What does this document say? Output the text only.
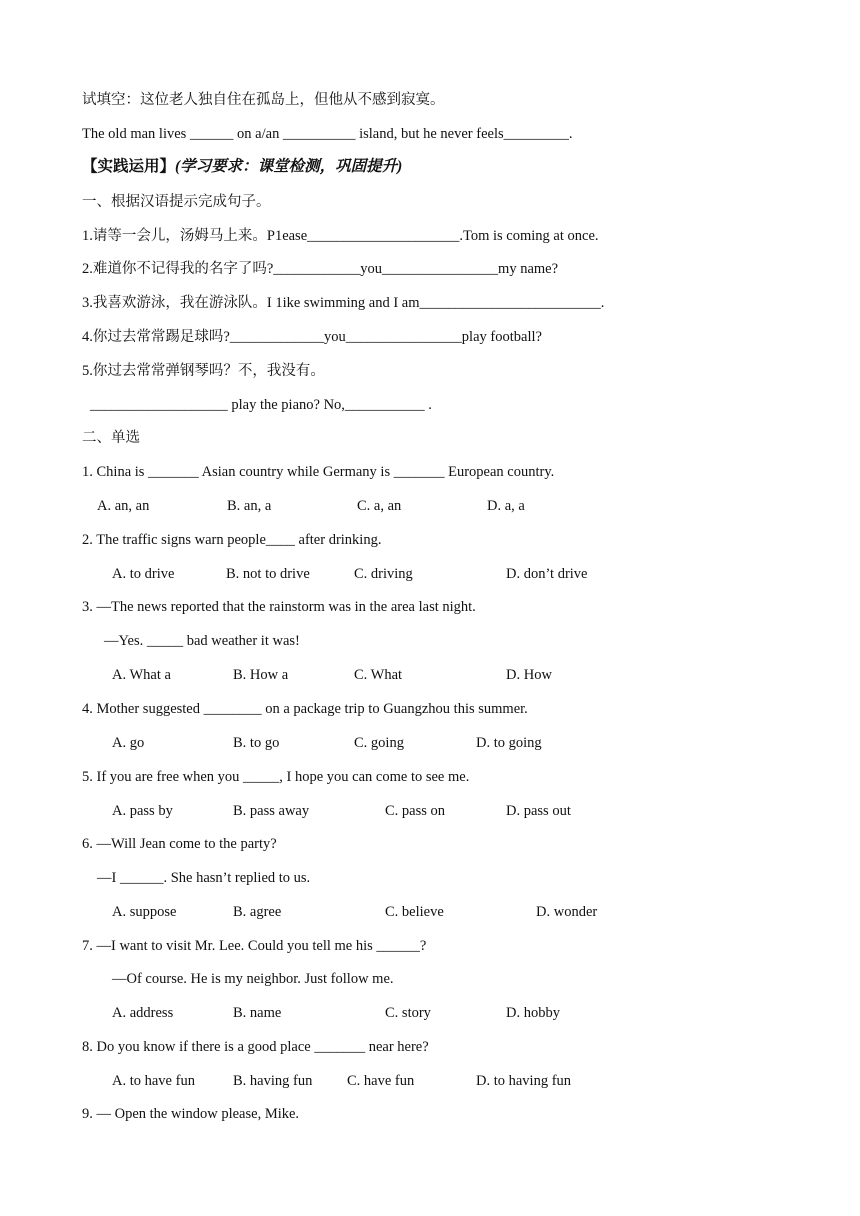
试填空：这位老人独自住在孤岛上，但他从不感到寂寞。
The old man lives ______ on a/an __________ island, but he never feels_________.
【实践运用】(学习要求：课堂检测，巩固提升)
一、根据汉语提示完成句子。
1.请等一会儿，汤姆马上来。P1ease_____________________.Tom is coming at once.
2.难道你不记得我的名字了吗?____________you________________my name?
3.我喜欢游泳，我在游泳队。I 1ike swimming and I am_________________________.
4.你过去常常踢足球吗?_____________you________________play football?
5.你过去常常弹钢琴吗？不，我没有。
___________________ play the piano? No,___________ .
二、单选
1. China is _______ Asian country while Germany is _______ European country.
A. an, an	B. an, a	C. a, an	D. a, a
2. The traffic signs warn people____ after drinking.
A. to drive	B. not to drive	C. driving	D. don’t drive
3. —The news reported that the rainstorm was in the area last night.
—Yes. _____ bad weather it was!
A. What a	B. How a	C. What	D. How
4. Mother suggested ________ on a package trip to Guangzhou this summer.
A. go	B. to go	C. going	D. to going
5. If you are free when you _____, I hope you can come to see me.
A. pass by	B. pass away	C. pass on	D. pass out
6. —Will Jean come to the party?
—I ______. She hasn’t replied to us.
A. suppose	B. agree	C. believe	D. wonder
7. —I want to visit Mr. Lee. Could you tell me his ______?
—Of course. He is my neighbor. Just follow me.
A. address	B. name	C. story	D. hobby
8. Do you know if there is a good place _______ near here?
A. to have fun	B. having fun C. have fun	D. to having fun
9. — Open the window please, Mike.
